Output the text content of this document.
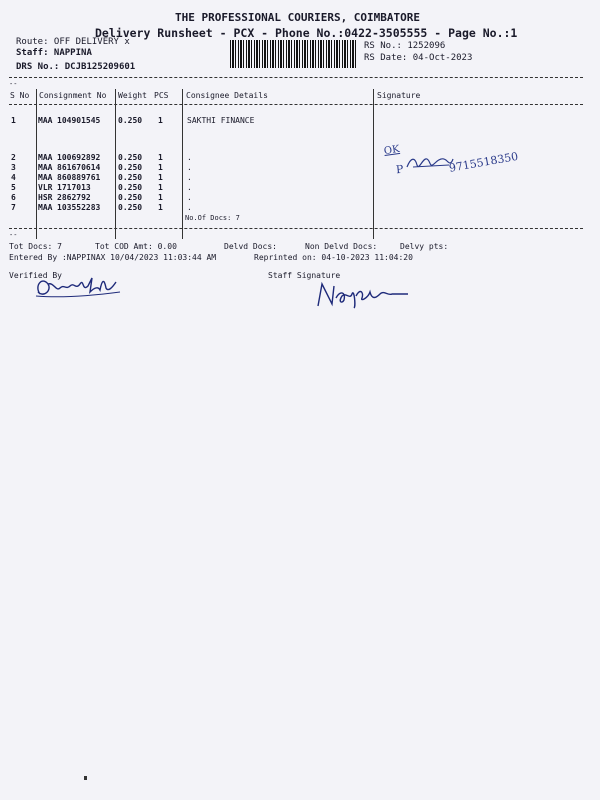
THE PROFESSIONAL COURIERS, COIMBATORE
Delivery Runsheet - PCX - Phone No.:0422-3505555 - Page No.:1
Route: OFF DELIVERY x
Staff: NAPPINA
DRS No.: DCJB125209601
RS No.: 1252096
RS Date: 04-Oct-2023
--
S No Consignment No Weight PCS Consignee Details	Signature
1	MAA 104901545 0.250 1	SAKTHI FINANCE
2	MAA 100692892 0.250 1	.
3	MAA 861670614 0.250 1	.
4	MAA 860889761 0.250 1	.
5	VLR 1717013	0.250 1	.
6	HSR 2862792	0.250 1	.
7	MAA 103552283 0.250 1	.
No.Of Docs: 7
OK
P	9715518350
--
Tot Docs: 7	Tot COD Amt: 0.00	Delvd Docs:	Non Delvd Docs:	Delvy pts:
Entered By :NAPPINAX 10/04/2023 11:03:44 AM	Reprinted on: 04-10-2023 11:04:20
Verified By	Staff Signature
